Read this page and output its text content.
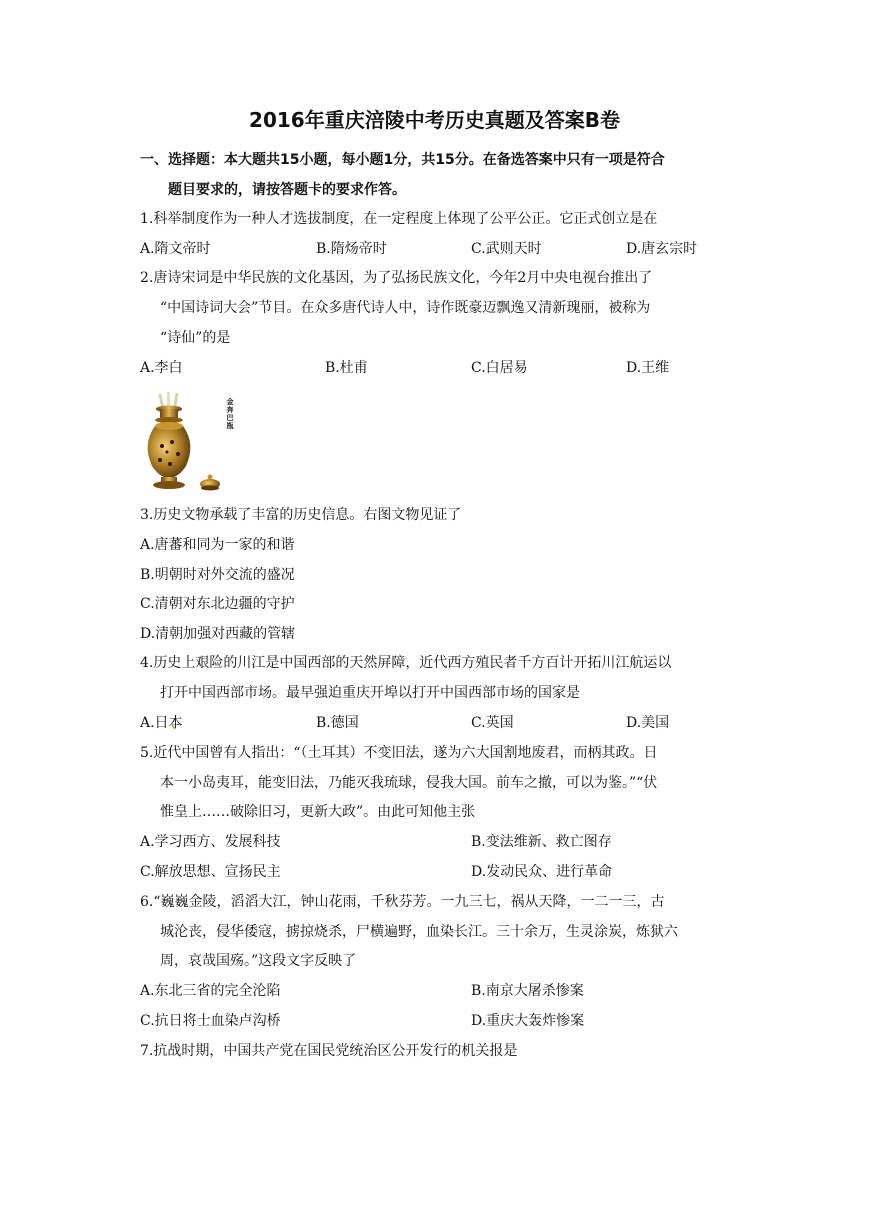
2016年重庆涪陵中考历史真题及答案B卷
一、选择题：本大题共15小题，每小题1分，共15分。在备选答案中只有一项是符合
题目要求的，请按答题卡的要求作答。
1.科举制度作为一种人才选拔制度，在一定程度上体现了公平公正。它正式创立是在
A.隋文帝时	B.隋炀帝时	C.武则天时	D.唐玄宗时
2.唐诗宋词是中华民族的文化基因，为了弘扬民族文化，今年2月中央电视台推出了
“中国诗词大会”节目。在众多唐代诗人中，诗作既豪迈飘逸又清新瑰丽，被称为
“诗仙”的是
A.李白	B.杜甫	C.白居易	D.王维
金奔巴瓶
3.历史文物承载了丰富的历史信息。右图文物见证了
A.唐蕃和同为一家的和谐
B.明朝时对外交流的盛况
C.清朝对东北边疆的守护
D.清朝加强对西藏的管辖
4.历史上艰险的川江是中国西部的天然屏障，近代西方殖民者千方百计开拓川江航运以
打开中国西部市场。最早强迫重庆开埠以打开中国西部市场的国家是
A.日本	B.德国	C.英国	D.美国
5.近代中国曾有人指出：“（土耳其）不变旧法，遂为六大国割地废君，而柄其政。日
本一小岛夷耳，能变旧法，乃能灭我琉球，侵我大国。前车之撤，可以为鉴。”“伏
惟皇上……破除旧习，更新大政”。由此可知他主张
A.学习西方、发展科技	B.变法维新、救亡图存
C.解放思想、宣扬民主	D.发动民众、进行革命
6.“巍巍金陵，滔滔大江，钟山花雨，千秋芬芳。一九三七，祸从天降，一二一三，古
城沦丧，侵华倭寇，掳掠烧杀，尸横遍野，血染长江。三十余万，生灵涂炭，炼狱六
周，哀哉国殇。”这段文字反映了
A.东北三省的完全沦陷	B.南京大屠杀惨案
C.抗日将士血染卢沟桥	D.重庆大轰炸惨案
7.抗战时期，中国共产党在国民党统治区公开发行的机关报是
